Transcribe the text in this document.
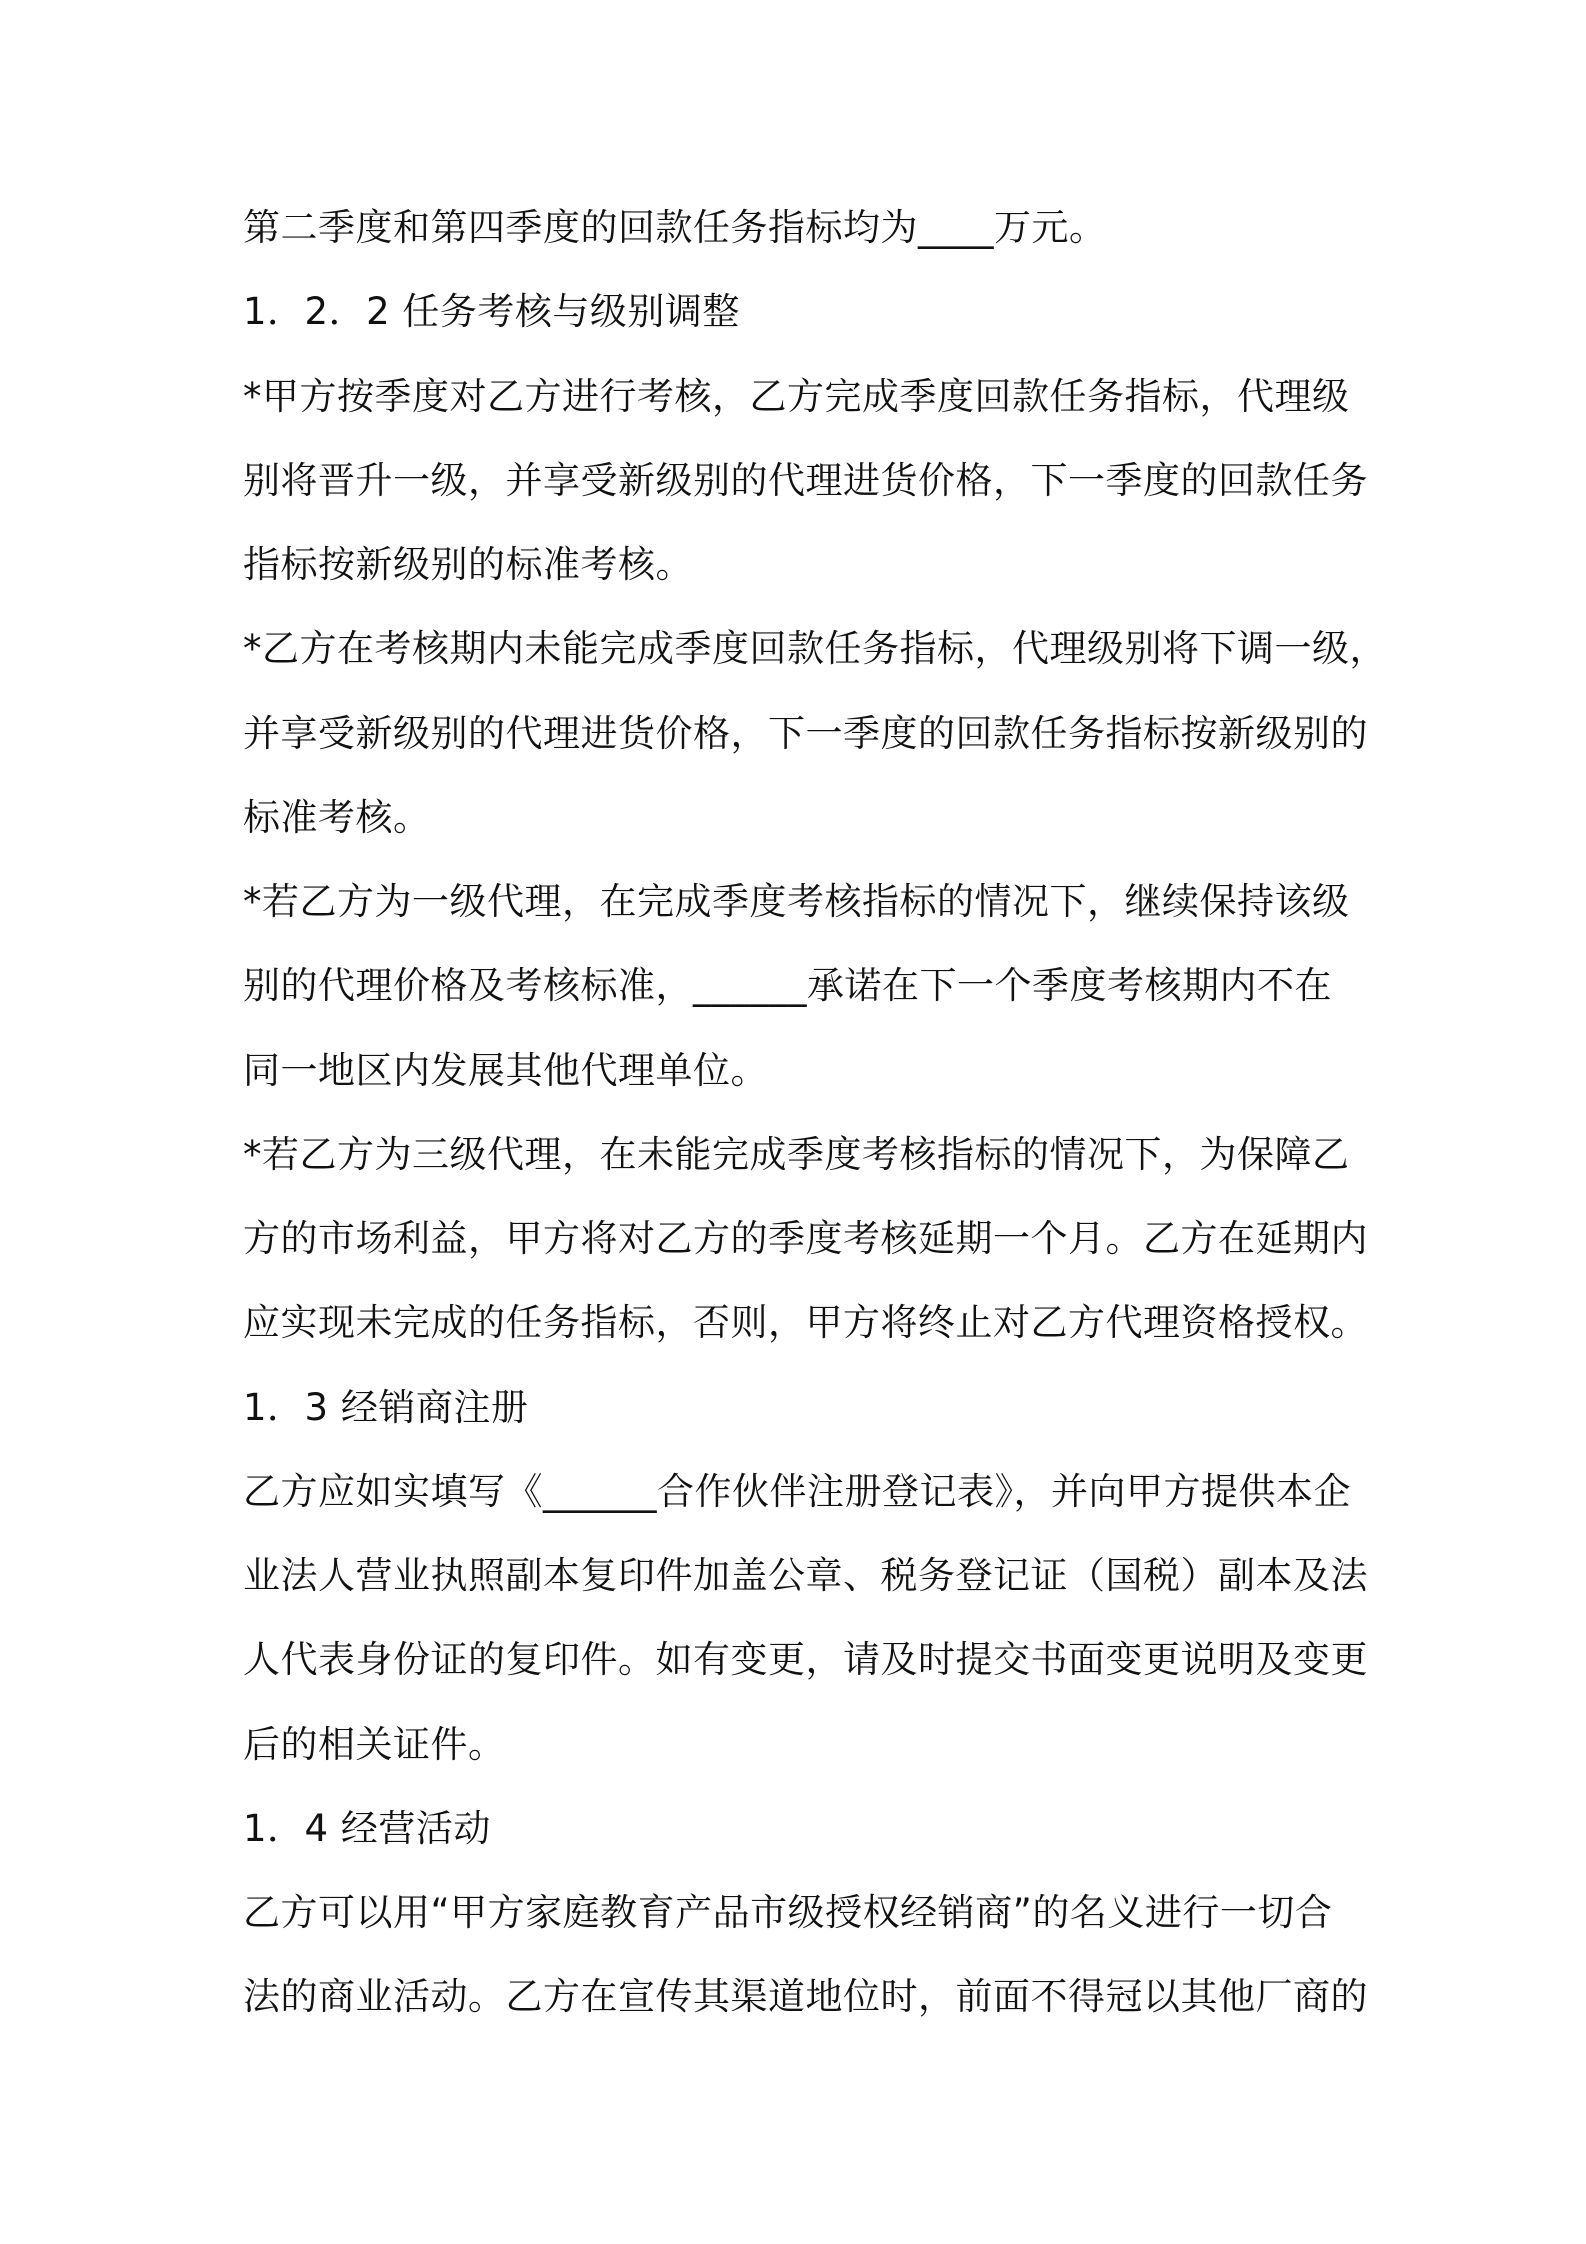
第二季度和第四季度的回款任务指标均为____万元。
1．2．2 任务考核与级别调整
*甲方按季度对乙方进行考核，乙方完成季度回款任务指标，代理级
别将晋升一级，并享受新级别的代理进货价格，下一季度的回款任务
指标按新级别的标准考核。
*乙方在考核期内未能完成季度回款任务指标，代理级别将下调一级，
并享受新级别的代理进货价格，下一季度的回款任务指标按新级别的
标准考核。
*若乙方为一级代理，在完成季度考核指标的情况下，继续保持该级
别的代理价格及考核标准，______承诺在下一个季度考核期内不在
同一地区内发展其他代理单位。
*若乙方为三级代理，在未能完成季度考核指标的情况下，为保障乙
方的市场利益，甲方将对乙方的季度考核延期一个月。乙方在延期内
应实现未完成的任务指标，否则，甲方将终止对乙方代理资格授权。
1．3 经销商注册
乙方应如实填写《______合作伙伴注册登记表》，并向甲方提供本企
业法人营业执照副本复印件加盖公章、税务登记证（国税）副本及法
人代表身份证的复印件。如有变更，请及时提交书面变更说明及变更
后的相关证件。
1．4 经营活动
乙方可以用“甲方家庭教育产品市级授权经销商”的名义进行一切合
法的商业活动。乙方在宣传其渠道地位时，前面不得冠以其他厂商的
